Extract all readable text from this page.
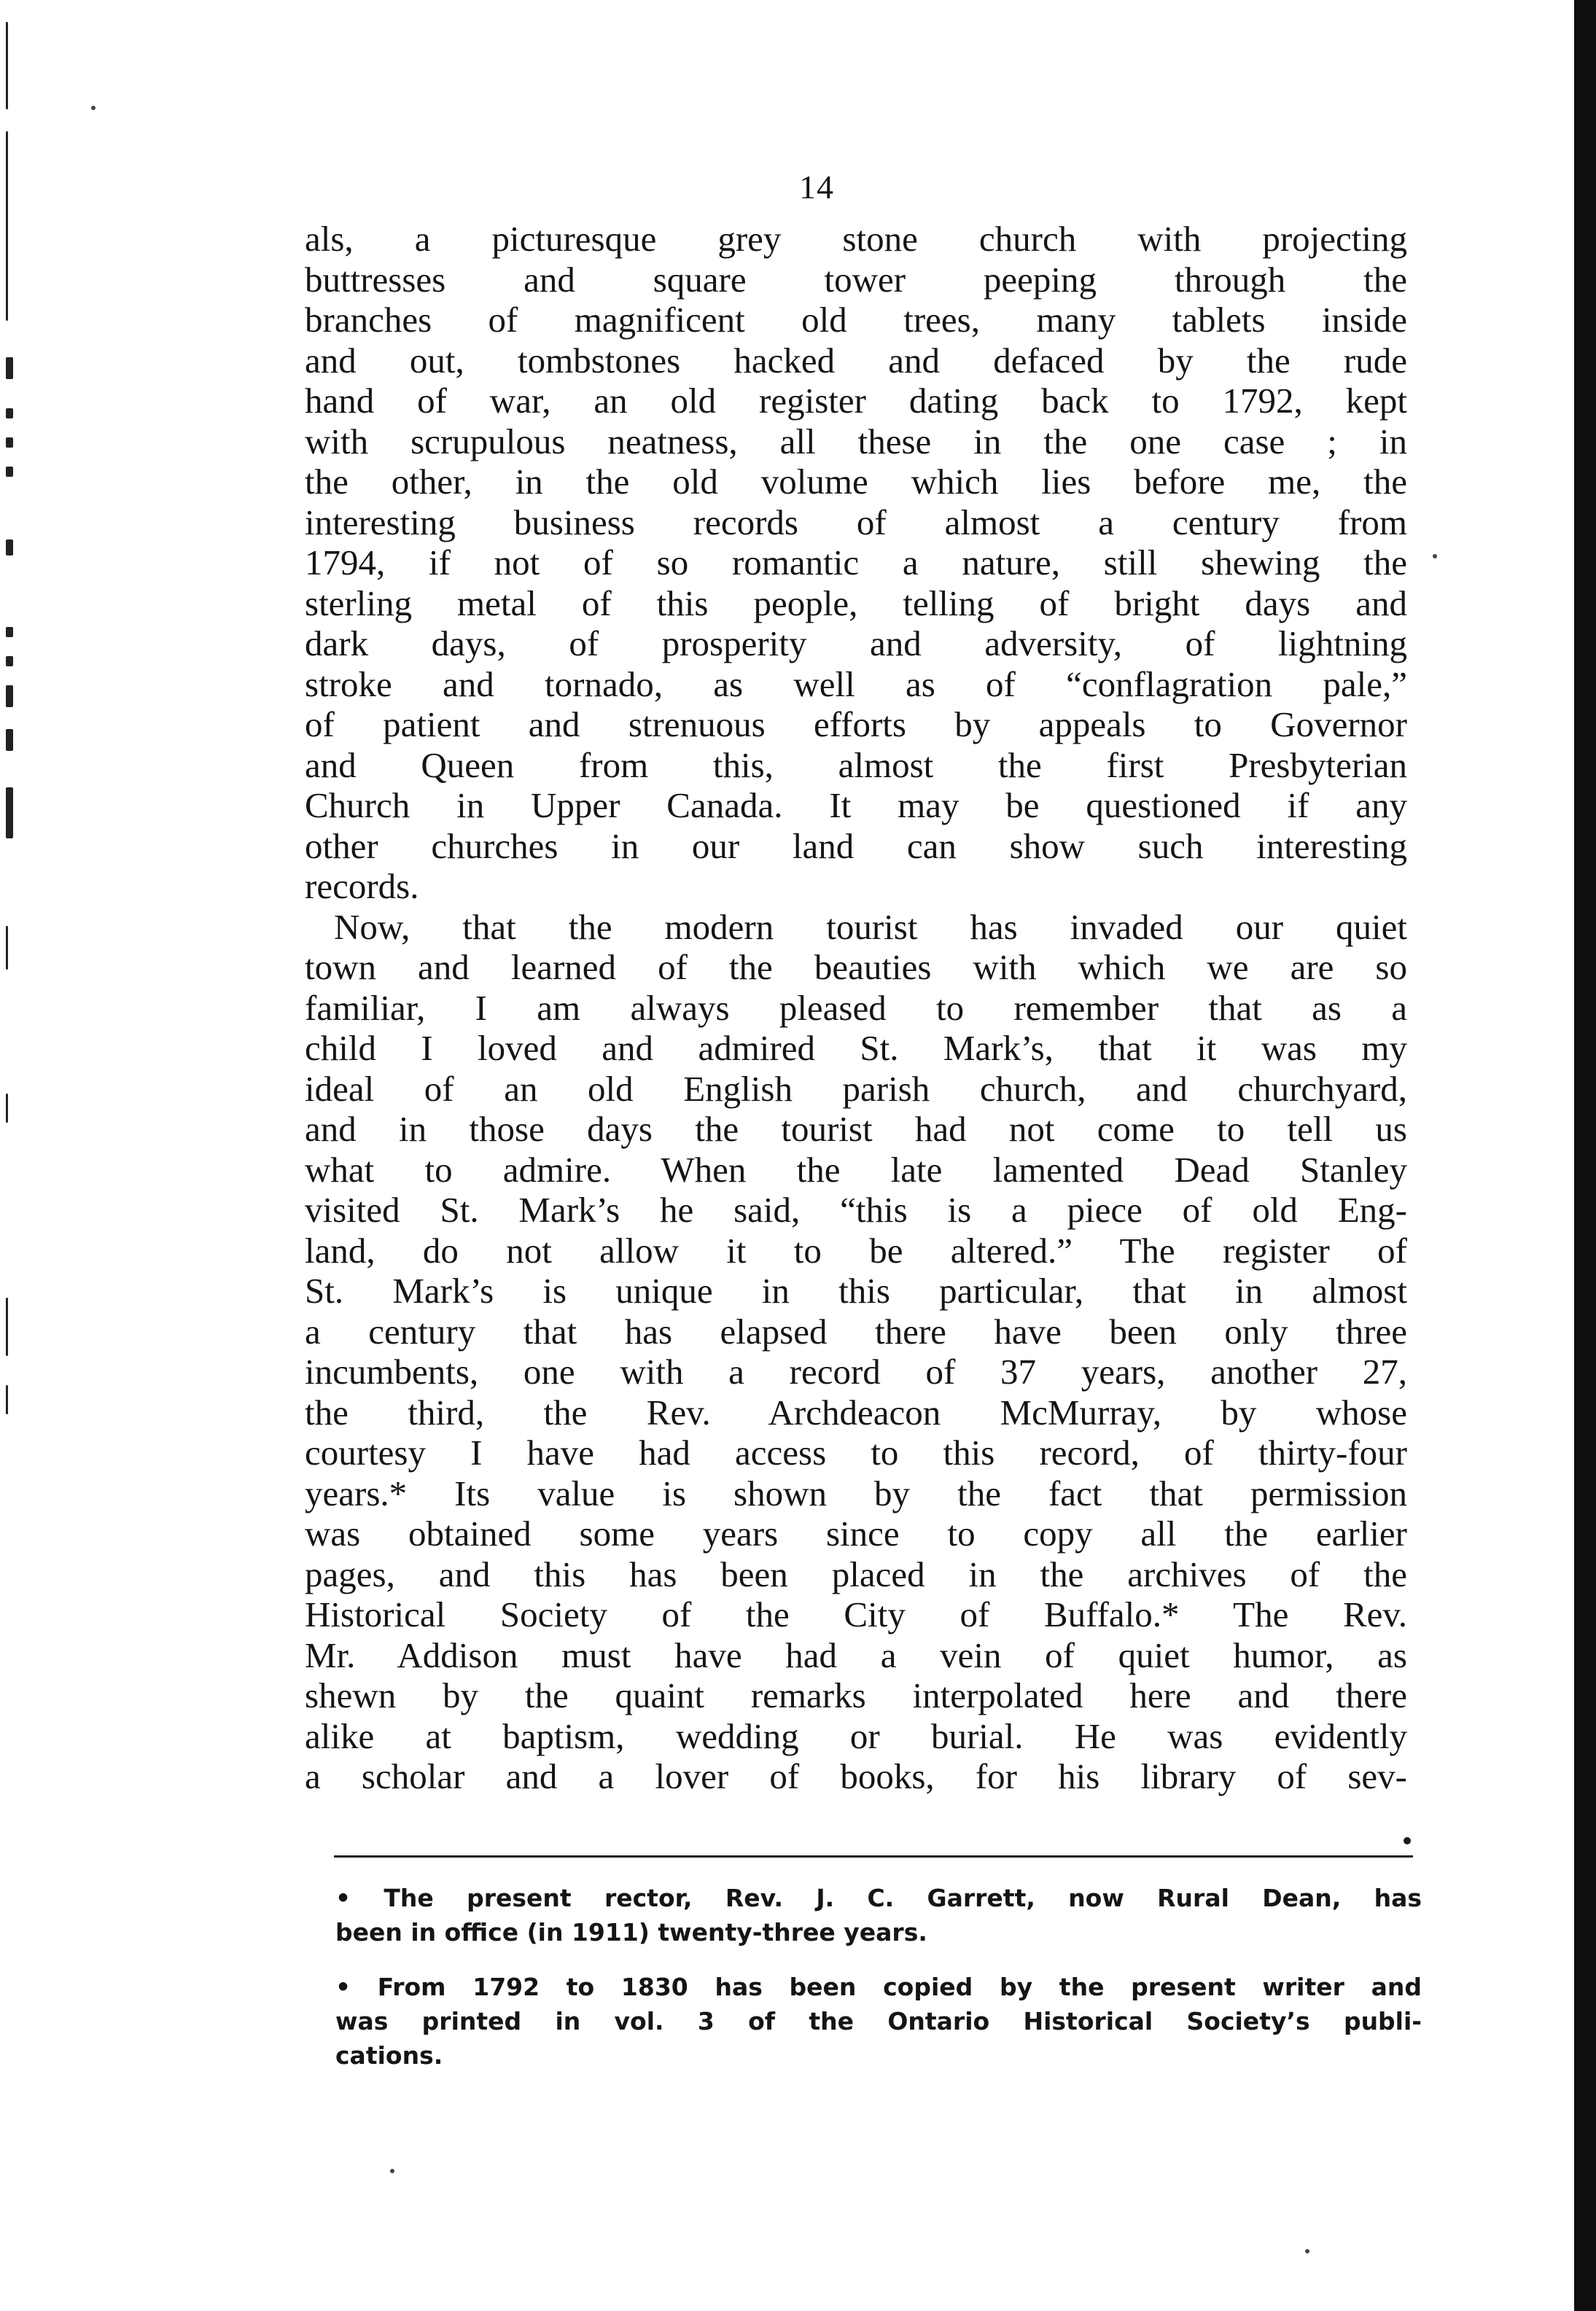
14
als, a picturesque grey stone church with projecting
buttresses and square tower peeping through the
branches of magnificent old trees, many tablets inside
and out, tombstones hacked and defaced by the rude
hand of war, an old register dating back to 1792, kept
with scrupulous neatness, all these in the one case ; in
the other, in the old volume which lies before me, the
interesting business records of almost a century from
1794, if not of so romantic a nature, still shewing the
sterling metal of this people, telling of bright days and
dark days, of prosperity and adversity, of lightning
stroke and tornado, as well as of “conflagration pale,”
of patient and strenuous efforts by appeals to Governor
and Queen from this, almost the first Presbyterian
Church in Upper Canada. It may be questioned if any
other churches in our land can show such interesting
records.
Now, that the modern tourist has invaded our quiet
town and learned of the beauties with which we are so
familiar, I am always pleased to remember that as a
child I loved and admired St. Mark’s, that it was my
ideal of an old English parish church, and churchyard,
and in those days the tourist had not come to tell us
what to admire. When the late lamented Dead Stanley
visited St. Mark’s he said, “this is a piece of old Eng-
land, do not allow it to be altered.” The register of
St. Mark’s is unique in this particular, that in almost
a century that has elapsed there have been only three
incumbents, one with a record of 37 years, another 27,
the third, the Rev. Archdeacon McMurray, by whose
courtesy I have had access to this record, of thirty-four
years.* Its value is shown by the fact that permission
was obtained some years since to copy all the earlier
pages, and this has been placed in the archives of the
Historical Society of the City of Buffalo.* The Rev.
Mr. Addison must have had a vein of quiet humor, as
shewn by the quaint remarks interpolated here and there
alike at baptism, wedding or burial. He was evidently
a scholar and a lover of books, for his library of sev-
• The present rector, Rev. J. C. Garrett, now Rural Dean, has
been in office (in 1911) twenty-three years.
• From 1792 to 1830 has been copied by the present writer and
was printed in vol. 3 of the Ontario Historical Society’s publi-
cations.
